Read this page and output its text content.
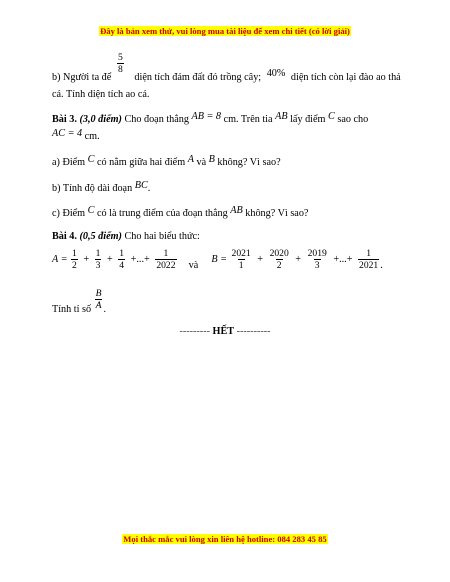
Đây là bản xem thử, vui lòng mua tài liệu để xem chi tiết (có lời giải)
$\frac{5}{8}$
b) Người ta để diện tích đám đất đó trồng cây; 40% diện tích còn lại đào ao thả
cá. Tính diện tích ao cá.
Bài 3. (3,0 điểm) Cho đoạn thẳng AB = 8 cm. Trên tia AB lấy điểm C sao cho
AC = 4 cm.
a) Điểm C có nằm giữa hai điểm A và B không? Vì sao?
b) Tính độ dài đoạn BC.
c) Điểm C có là trung điểm của đoạn thẳng AB không? Vì sao?
Bài 4. (0,5 điểm) Cho hai biểu thức:
$A = \frac{1}{2} + \frac{1}{3} + \frac{1}{4}$ +...+ $\frac{1}{2022}$ và  $B = \frac{2021}{1} + \frac{2020}{2} + \frac{2019}{3}$ +...+ $\frac{1}{2021}$ .
Tính tỉ số $\frac{B}{A}$ .
--------- HẾT ----------
Mọi thắc mắc vui lòng xin liên hệ hotline: 084 283 45 85
